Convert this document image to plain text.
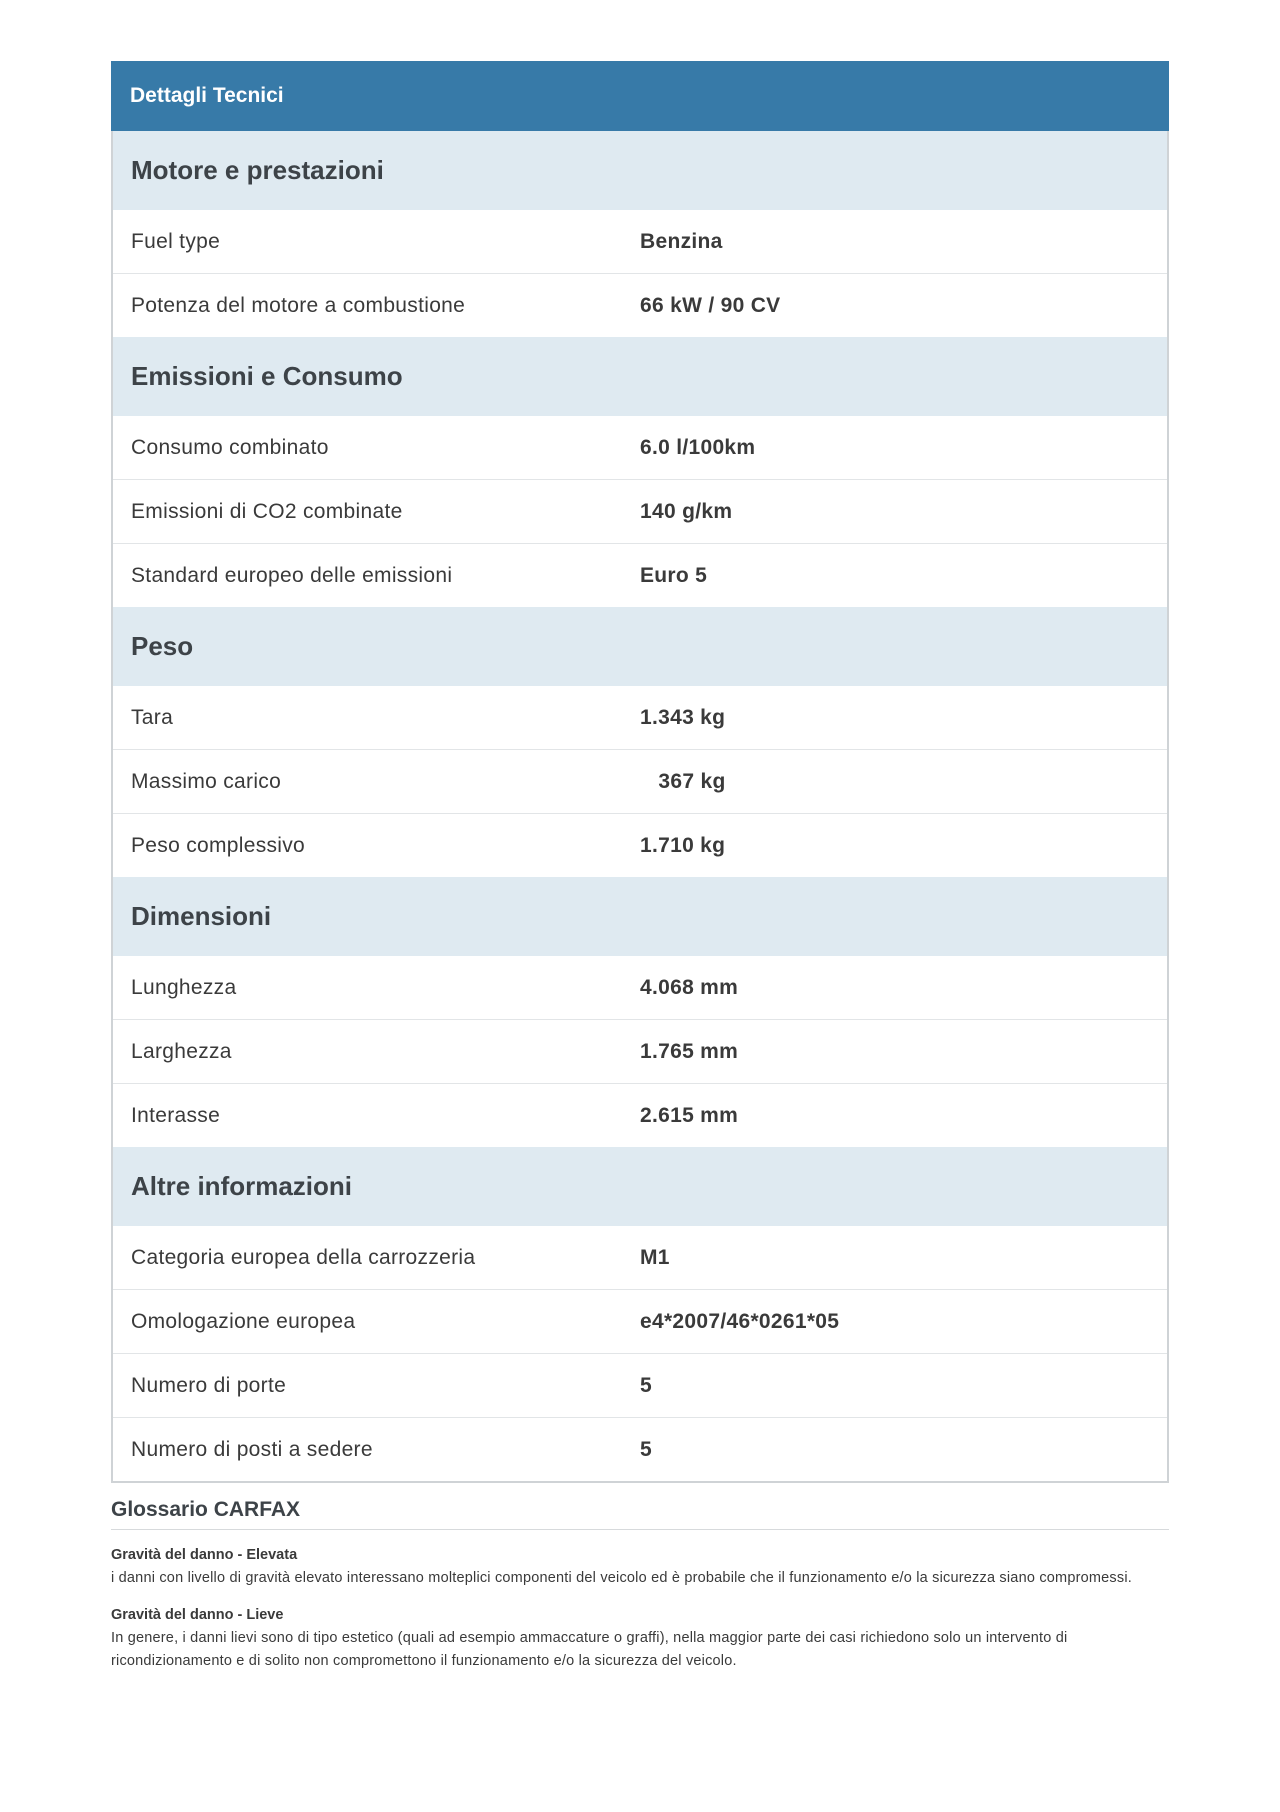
Dettagli Tecnici
Motore e prestazioni
Fuel type	Benzina
Potenza del motore a combustione	66 kW / 90 CV
Emissioni e Consumo
Consumo combinato	6.0 l/100km
Emissioni di CO2 combinate	140 g/km
Standard europeo delle emissioni	Euro 5
Peso
Tara	1.343 kg
Massimo carico	367 kg
Peso complessivo	1.710 kg
Dimensioni
Lunghezza	4.068 mm
Larghezza	1.765 mm
Interasse	2.615 mm
Altre informazioni
Categoria europea della carrozzeria	M1
Omologazione europea	e4*2007/46*0261*05
Numero di porte	5
Numero di posti a sedere	5
Glossario CARFAX
Gravità del danno - Elevata
i danni con livello di gravità elevato interessano molteplici componenti del veicolo ed è probabile che il funzionamento e/o la sicurezza siano compromessi.
Gravità del danno - Lieve
In genere, i danni lievi sono di tipo estetico (quali ad esempio ammaccature o graffi), nella maggior parte dei casi richiedono solo un intervento di ricondizionamento e di solito non compromettono il funzionamento e/o la sicurezza del veicolo.
